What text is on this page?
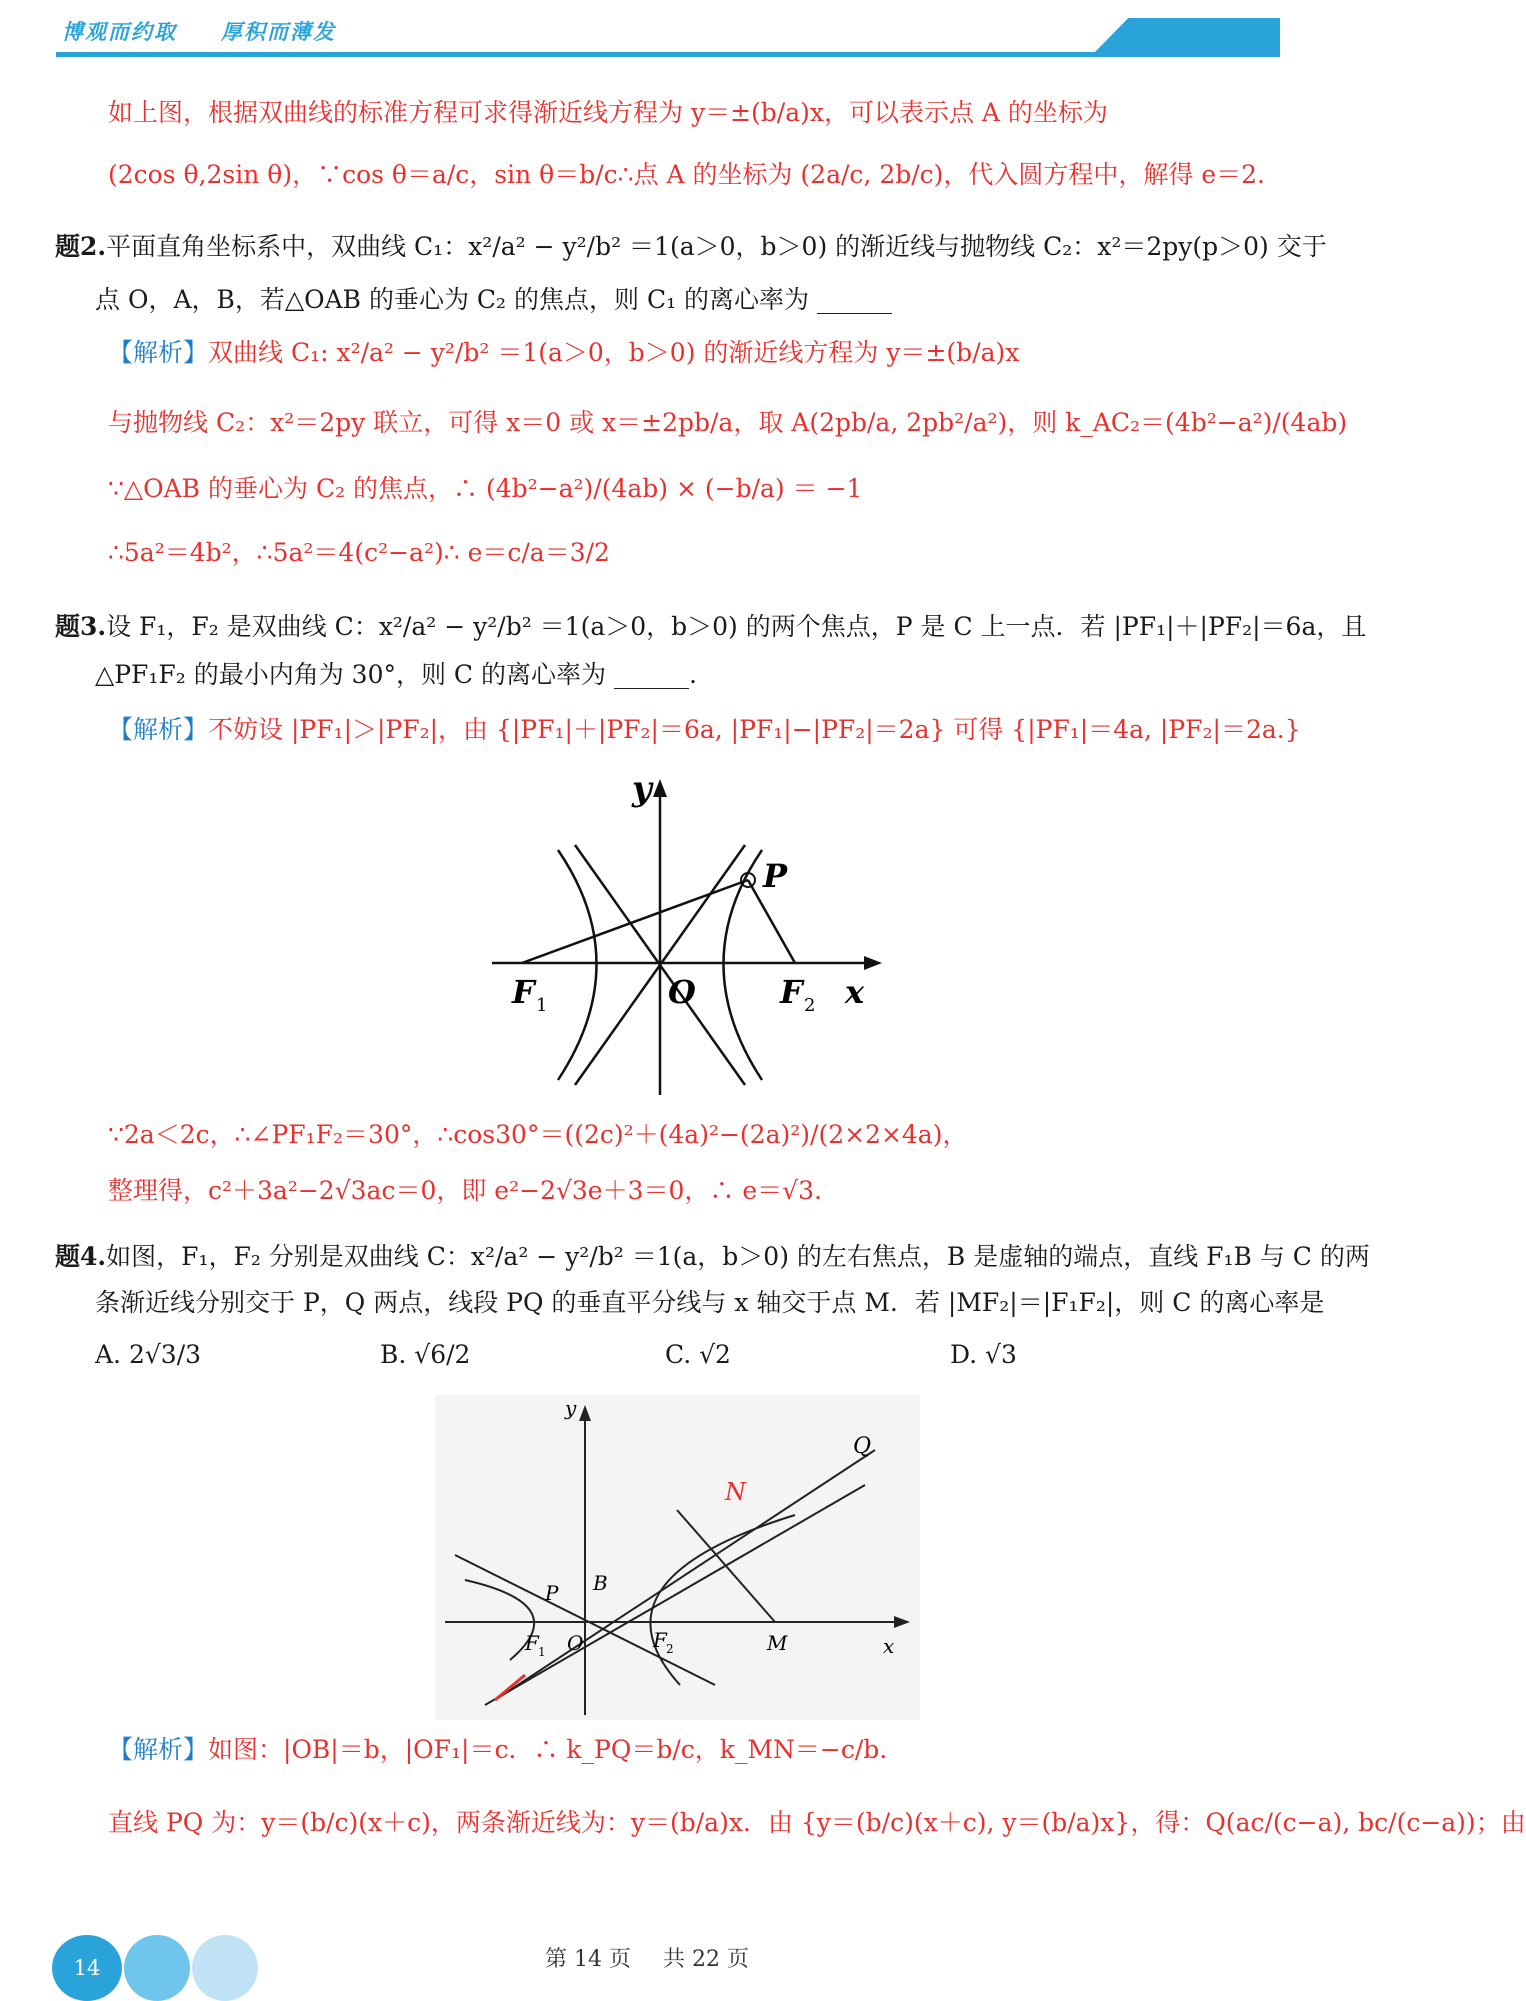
博观而约取 厚积而薄发
如上图，根据双曲线的标准方程可求得渐近线方程为 y＝±(b/a)x，可以表示点 A 的坐标为
(2cos θ,2sin θ)，∵cos θ＝a/c，sin θ＝b/c∴点 A 的坐标为 (2a/c, 2b/c)，代入圆方程中，解得 e＝2.
题2.平面直角坐标系中，双曲线 C₁：x²/a² − y²/b² ＝1(a＞0，b＞0) 的渐近线与抛物线 C₂：x²＝2py(p＞0) 交于
点 O，A，B，若△OAB 的垂心为 C₂ 的焦点，则 C₁ 的离心率为 ______
【解析】双曲线 C₁: x²/a² − y²/b² ＝1(a＞0，b＞0) 的渐近线方程为 y＝±(b/a)x
与抛物线 C₂：x²＝2py 联立，可得 x＝0 或 x＝±2pb/a，取 A(2pb/a, 2pb²/a²)，则 k_AC₂＝(4b²−a²)/(4ab)
∵△OAB 的垂心为 C₂ 的焦点，∴ (4b²−a²)/(4ab) × (−b/a) ＝ −1
∴5a²＝4b²，∴5a²＝4(c²−a²)∴ e＝c/a＝3/2
题3.设 F₁，F₂ 是双曲线 C：x²/a² − y²/b² ＝1(a＞0，b＞0) 的两个焦点，P 是 C 上一点．若 |PF₁|＋|PF₂|＝6a，且
△PF₁F₂ 的最小内角为 30°，则 C 的离心率为 ______.
【解析】不妨设 |PF₁|＞|PF₂|，由 {|PF₁|＋|PF₂|＝6a, |PF₁|−|PF₂|＝2a} 可得 {|PF₁|＝4a, |PF₂|＝2a.}
y
P
F 1	O	F 2 x
∵2a＜2c，∴∠PF₁F₂＝30°，∴cos30°＝((2c)²＋(4a)²−(2a)²)/(2×2×4a)，
整理得，c²＋3a²−2√3ac＝0，即 e²−2√3e＋3＝0，∴ e＝√3.
题4.如图，F₁，F₂ 分别是双曲线 C：x²/a² − y²/b² ＝1(a，b＞0) 的左右焦点，B 是虚轴的端点，直线 F₁B 与 C 的两
条渐近线分别交于 P，Q 两点，线段 PQ 的垂直平分线与 x 轴交于点 M．若 |MF₂|＝|F₁F₂|，则 C 的离心率是
A. 2√3/3	B. √6/2	C. √2	D. √3
y
Q
N
B
P
O
F 1	F 2	M	x
【解析】如图：|OB|＝b，|OF₁|＝c．∴ k_PQ＝b/c，k_MN＝−c/b.
直线 PQ 为：y＝(b/c)(x＋c)，两条渐近线为：y＝(b/a)x．由 {y＝(b/c)(x＋c), y＝(b/a)x}，得：Q(ac/(c−a), bc/(c−a))；由
14	第 14 页 共 22 页
